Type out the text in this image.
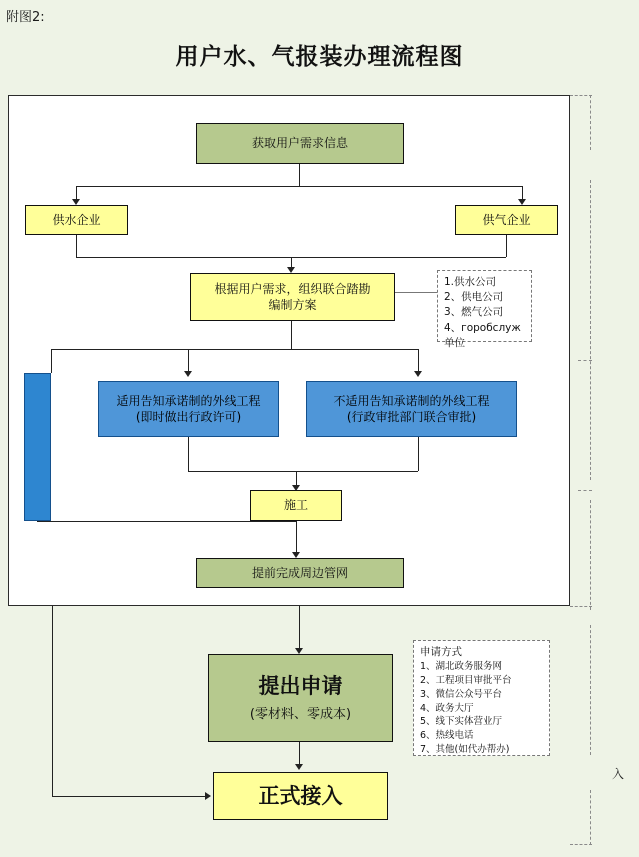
附图2:
用户水、气报装办理流程图
获取用户需求信息
供水企业	供气企业
根据用户需求，组织联合踏勘
编制方案
1.供水公司
2、供电公司
3、燃气公司
4、горобслуж单位
适用告知承诺制的外线工程
(即时做出行政许可)
不适用告知承诺制的外线工程
(行政审批部门联合审批)
施工
提前完成周边管网
提出申请
(零材料、零成本)
正式接入
申请方式
1、湖北政务服务网
2、工程项目审批平台
3、微信公众号平台
4、政务大厅
5、线下实体营业厅
6、热线电话
7、其他(如代办帮办)
入
